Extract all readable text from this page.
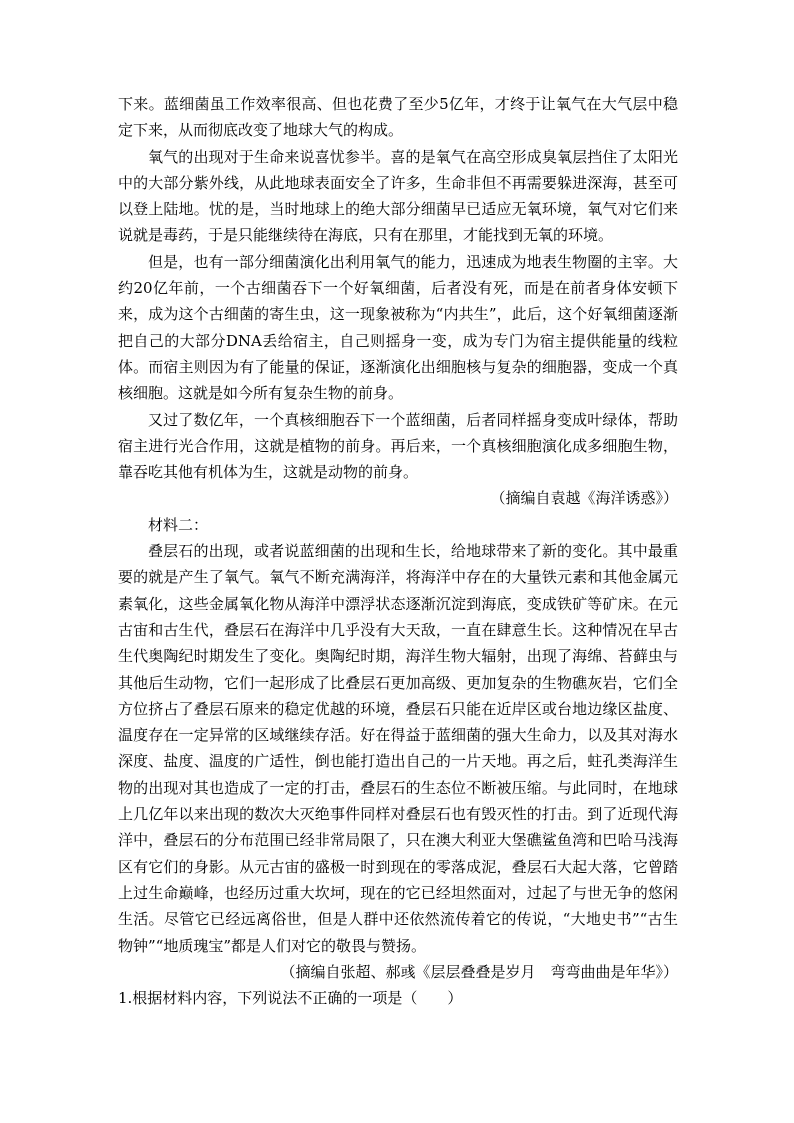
下来。蓝细菌虽工作效率很高、但也花费了至少5亿年，才终于让氧气在大气层中稳定下来，从而彻底改变了地球大气的构成。

氧气的出现对于生命来说喜忧参半。喜的是氧气在高空形成臭氧层挡住了太阳光中的大部分紫外线，从此地球表面安全了许多，生命非但不再需要躲进深海，甚至可以登上陆地。忧的是，当时地球上的绝大部分细菌早已适应无氧环境，氧气对它们来说就是毒药，于是只能继续待在海底，只有在那里，才能找到无氧的环境。

但是，也有一部分细菌演化出利用氧气的能力，迅速成为地表生物圈的主宰。大约20亿年前，一个古细菌吞下一个好氧细菌，后者没有死，而是在前者身体安顿下来，成为这个古细菌的寄生虫，这一现象被称为“内共生”，此后，这个好氧细菌逐渐把自己的大部分DNA丢给宿主，自己则摇身一变，成为专门为宿主提供能量的线粒体。而宿主则因为有了能量的保证，逐渐演化出细胞核与复杂的细胞器，变成一个真核细胞。这就是如今所有复杂生物的前身。

又过了数亿年，一个真核细胞吞下一个蓝细菌，后者同样摇身变成叶绿体，帮助宿主进行光合作用，这就是植物的前身。再后来，一个真核细胞演化成多细胞生物，靠吞吃其他有机体为生，这就是动物的前身。

（摘编自袁越《海洋诱惑》）

材料二：

叠层石的出现，或者说蓝细菌的出现和生长，给地球带来了新的变化。其中最重要的就是产生了氧气。氧气不断充满海洋，将海洋中存在的大量铁元素和其他金属元素氧化，这些金属氧化物从海洋中漂浮状态逐渐沉淀到海底，变成铁矿等矿床。在元古宙和古生代，叠层石在海洋中几乎没有大天敌，一直在肆意生长。这种情况在早古生代奥陶纪时期发生了变化。奥陶纪时期，海洋生物大辐射，出现了海绵、苔藓虫与其他后生动物，它们一起形成了比叠层石更加高级、更加复杂的生物礁灰岩，它们全方位挤占了叠层石原来的稳定优越的环境，叠层石只能在近岸区或台地边缘区盐度、温度存在一定异常的区域继续存活。好在得益于蓝细菌的强大生命力，以及其对海水深度、盐度、温度的广适性，倒也能打造出自己的一片天地。再之后，蛀孔类海洋生物的出现对其也造成了一定的打击，叠层石的生态位不断被压缩。与此同时，在地球上几亿年以来出现的数次大灭绝事件同样对叠层石也有毁灭性的打击。到了近现代海洋中，叠层石的分布范围已经非常局限了，只在澳大利亚大堡礁鲨鱼湾和巴哈马浅海区有它们的身影。从元古宙的盛极一时到现在的零落成泥，叠层石大起大落，它曾踏上过生命巅峰，也经历过重大坎坷，现在的它已经坦然面对，过起了与世无争的悠闲生活。尽管它已经远离俗世，但是人群中还依然流传着它的传说，“大地史书”“古生物钟”“地质瑰宝”都是人们对它的敬畏与赞扬。

（摘编自张超、郝彧《层层叠叠是岁月　弯弯曲曲是年华》）

1.根据材料内容，下列说法不正确的一项是（　　）
